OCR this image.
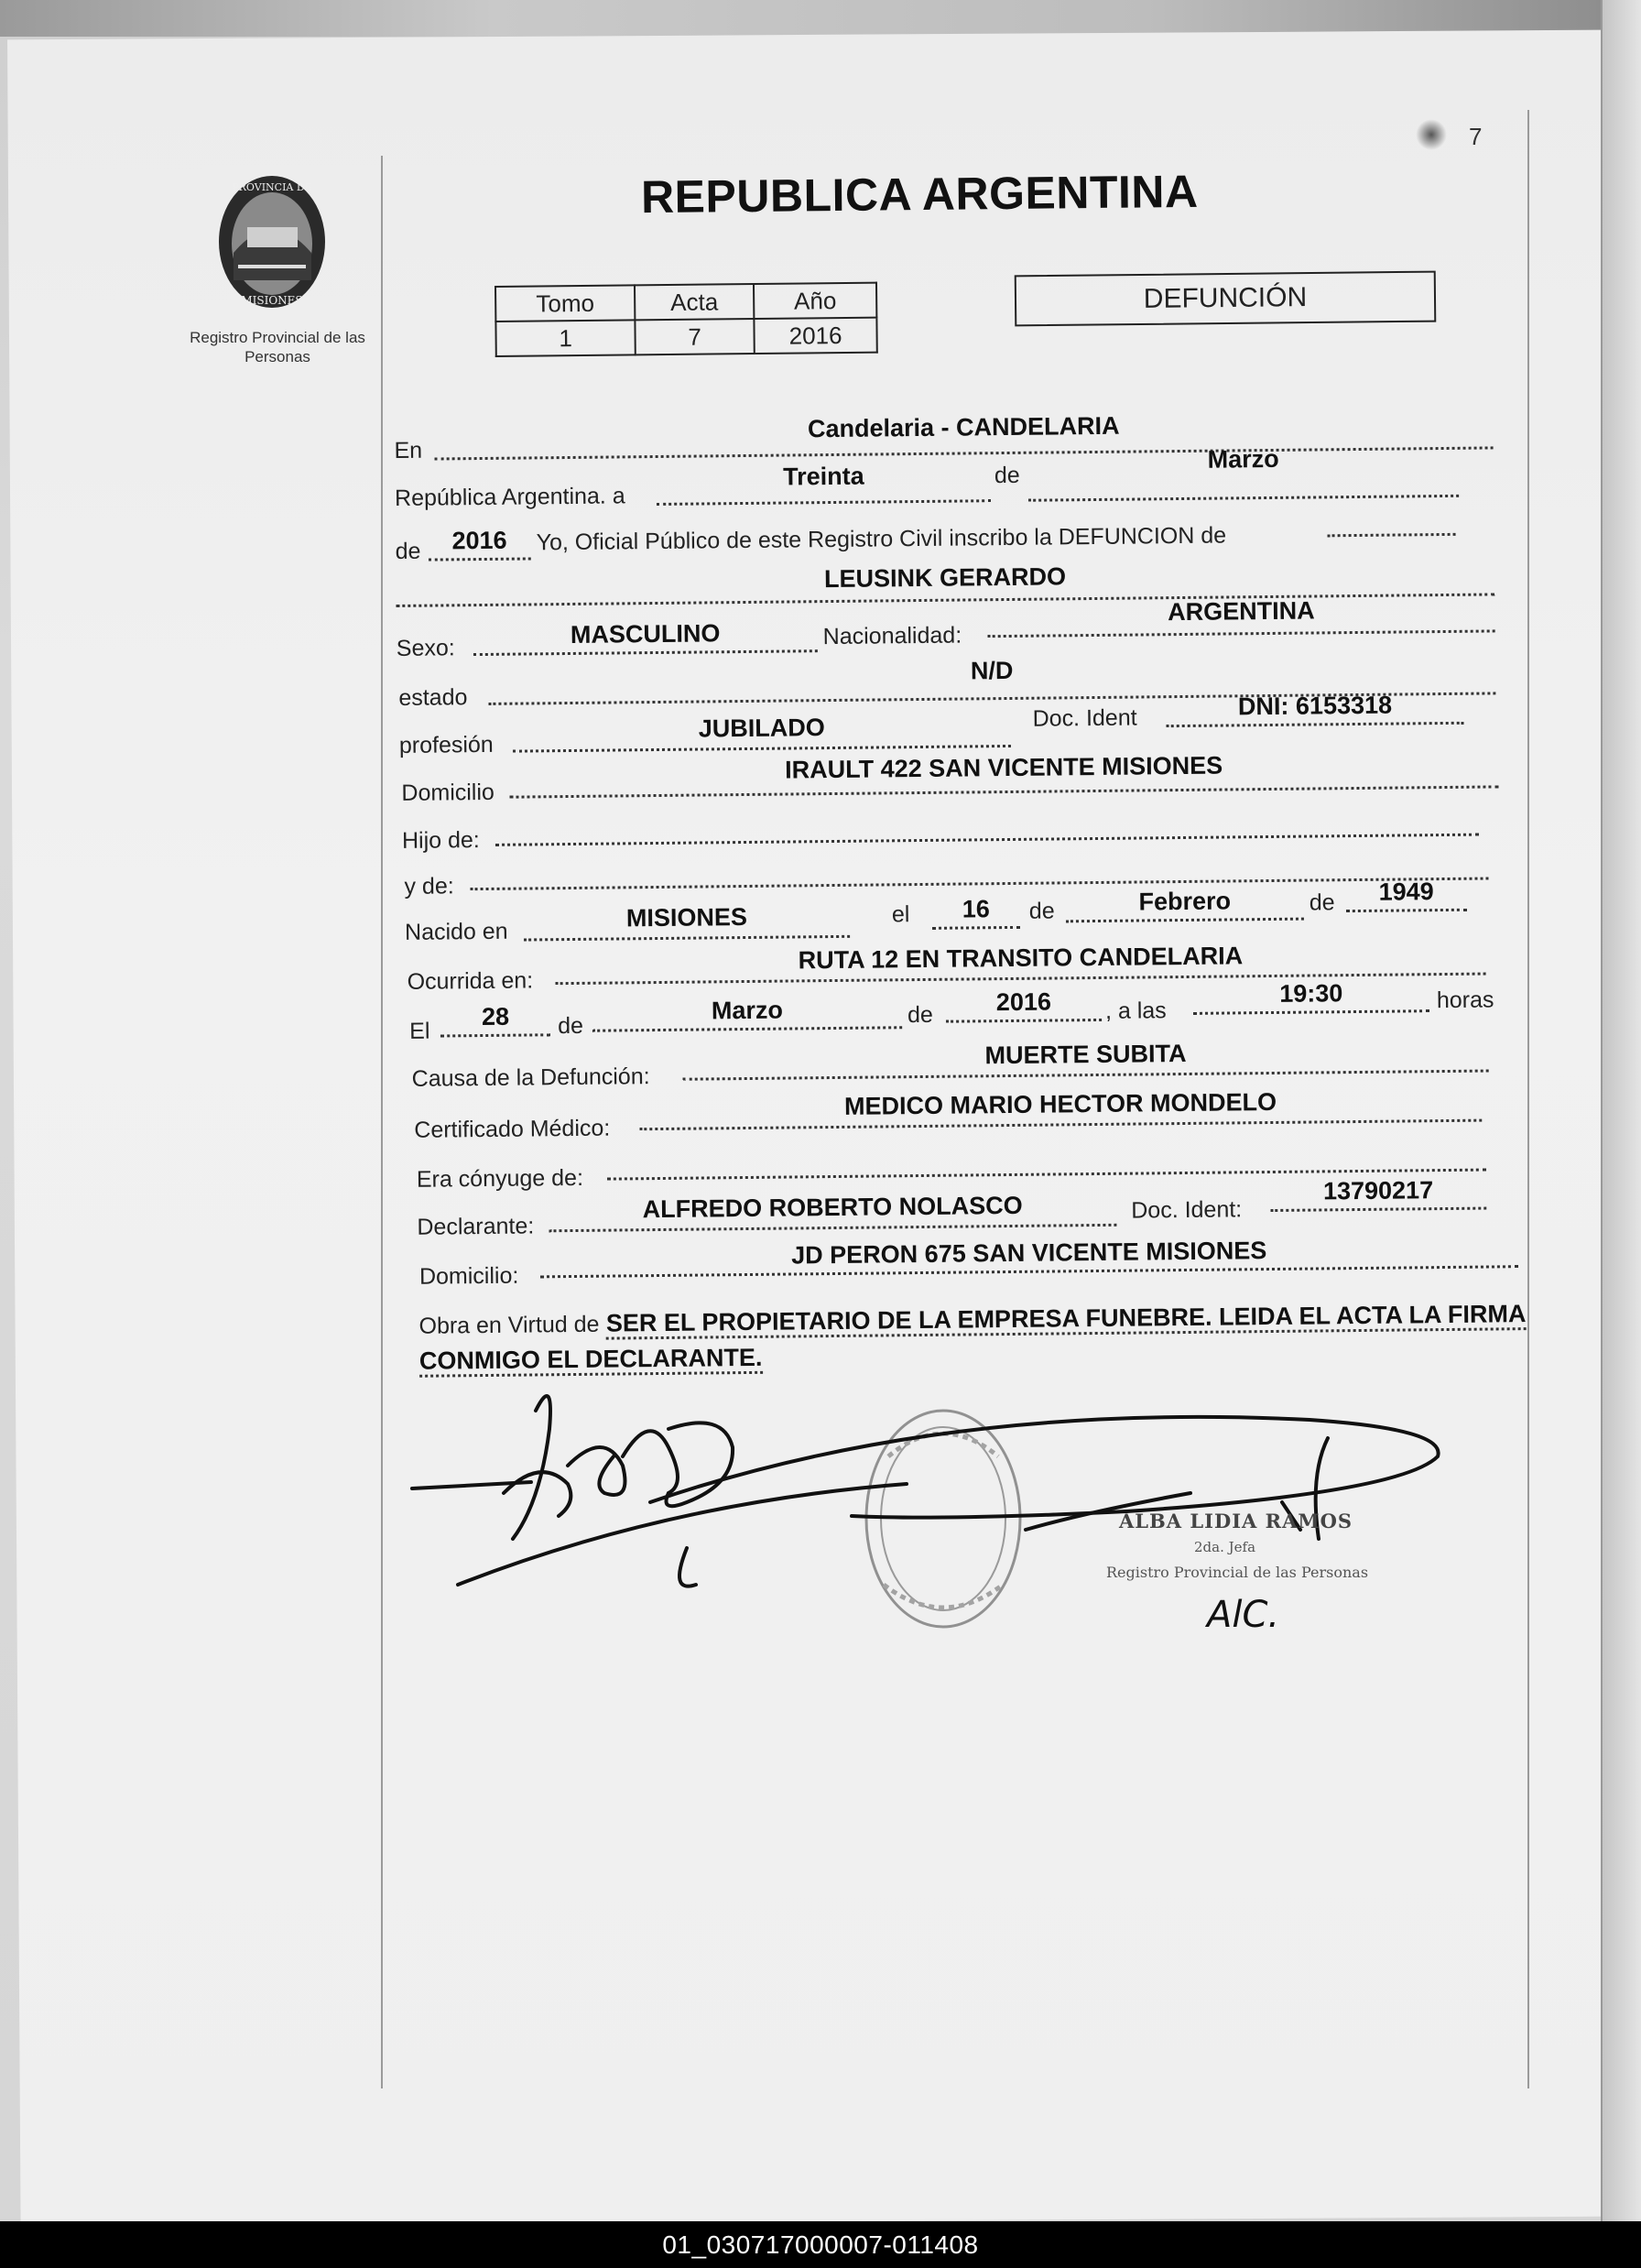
7
PROVINCIA DE
MISIONES
Registro Provincial de las Personas
REPUBLICA ARGENTINA
Tomo	Acta	Año
1	7	2016
DEFUNCIÓN
En
Candelaria - CANDELARIA
República Argentina. a
Treinta	de
Marzo
de	2016	Yo, Oficial Público de este Registro Civil inscribo la DEFUNCION de
LEUSINK GERARDO
Sexo:	MASCULINO	Nacionalidad:
ARGENTINA
estado
N/D
profesión
JUBILADO	Doc. Ident	DNI: 6153318
Domicilio
IRAULT 422 SAN VICENTE MISIONES
Hijo de:
y de:
Nacido en	MISIONES	el	16	de	Febrero	de	1949
Ocurrida en:
RUTA 12 EN TRANSITO CANDELARIA
El
28	de
Marzo	de	2016	, a las
19:30	horas
Causa de la Defunción:
MUERTE SUBITA
Certificado Médico:
MEDICO MARIO HECTOR MONDELO
Era cónyuge de:
Declarante:
ALFREDO ROBERTO NOLASCO	Doc. Ident:
13790217
Domicilio:
JD PERON 675 SAN VICENTE MISIONES
Obra en Virtud de SER EL PROPIETARIO DE LA EMPRESA FUNEBRE. LEIDA EL ACTA LA FIRMA CONMIGO EL DECLARANTE.
ALBA LIDIA RAMOS
2da. Jefa
Registro Provincial de las Personas
AlC.
01_030717000007-011408
